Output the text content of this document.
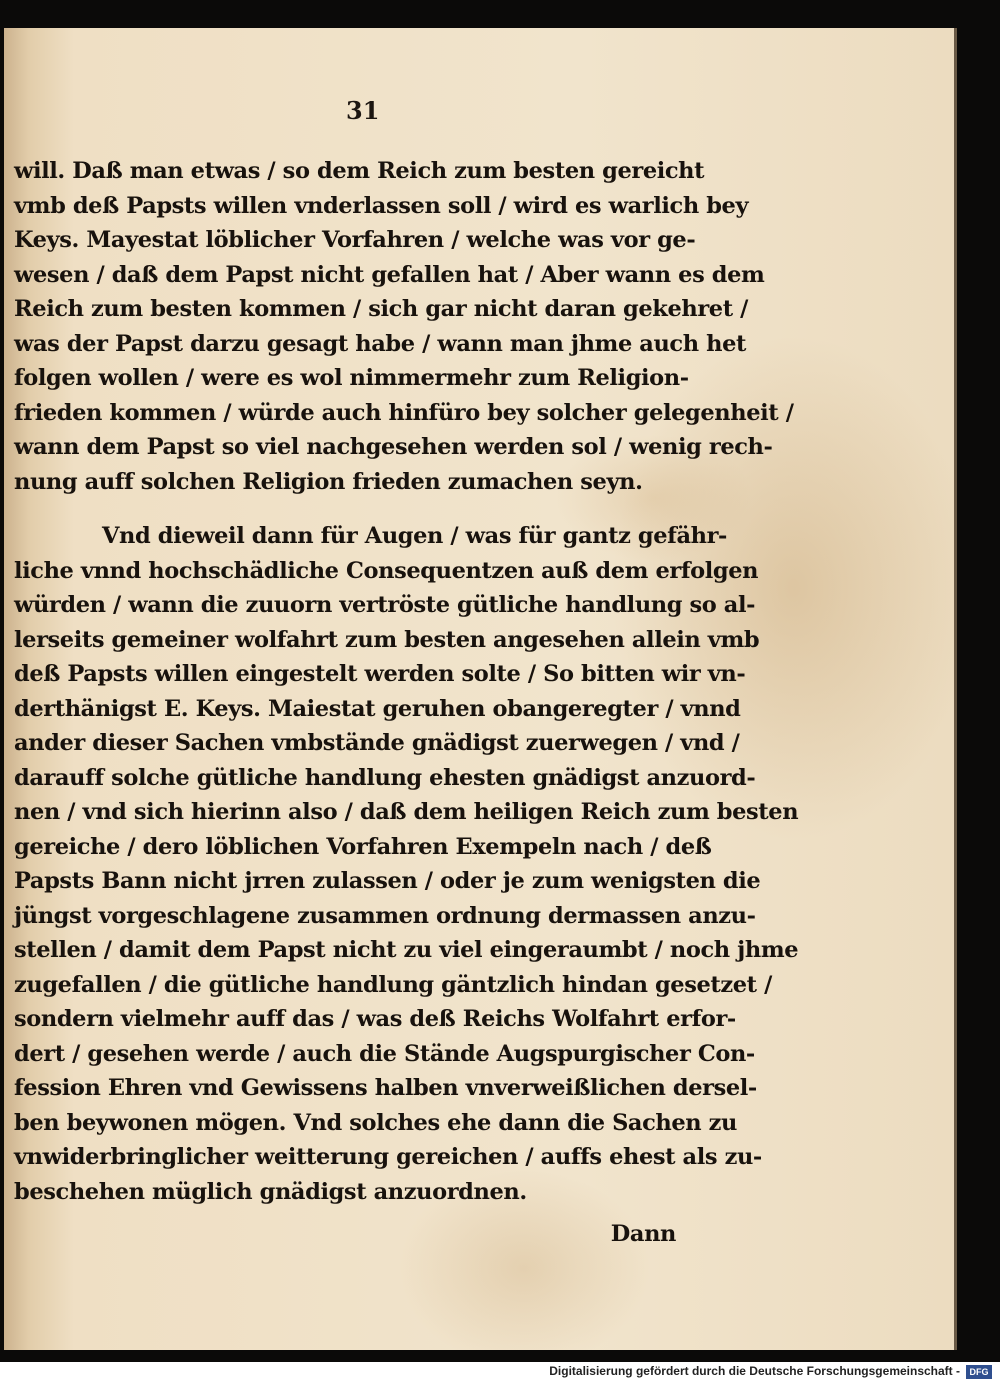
31
will. Daß man etwas / so dem Reich zum besten gereicht
vmb deß Papsts willen vnderlassen soll / wird es warlich bey
Keys. Mayestat löblicher Vorfahren / welche was vor ge-
wesen / daß dem Papst nicht gefallen hat / Aber wann es dem
Reich zum besten kommen / sich gar nicht daran gekehret /
was der Papst darzu gesagt habe / wann man jhme auch het
folgen wollen / were es wol nimmermehr zum Religion-
frieden kommen / würde auch hinfüro bey solcher gelegenheit /
wann dem Papst so viel nachgesehen werden sol / wenig rech-
nung auff solchen Religion frieden zumachen seyn.
Vnd dieweil dann für Augen / was für gantz gefähr-
liche vnnd hochschädliche Consequentzen auß dem erfolgen
würden / wann die zuuorn vertröste gütliche handlung so al-
lerseits gemeiner wolfahrt zum besten angesehen allein vmb
deß Papsts willen eingestelt werden solte / So bitten wir vn-
derthänigst E. Keys. Maiestat geruhen obangeregter / vnnd
ander dieser Sachen vmbstände gnädigst zuerwegen / vnd /
darauff solche gütliche handlung ehesten gnädigst anzuord-
nen / vnd sich hierinn also / daß dem heiligen Reich zum besten
gereiche / dero löblichen Vorfahren Exempeln nach / deß
Papsts Bann nicht jrren zulassen / oder je zum wenigsten die
jüngst vorgeschlagene zusammen ordnung dermassen anzu-
stellen / damit dem Papst nicht zu viel eingeraumbt / noch jhme
zugefallen / die gütliche handlung gäntzlich hindan gesetzet /
sondern vielmehr auff das / was deß Reichs Wolfahrt erfor-
dert / gesehen werde / auch die Stände Augspurgischer Con-
fession Ehren vnd Gewissens halben vnverweißlichen dersel-
ben beywonen mögen. Vnd solches ehe dann die Sachen zu
vnwiderbringlicher weitterung gereichen / auffs ehest als zu-
beschehen müglich gnädigst anzuordnen.
Dann
Digitalisierung gefördert durch die Deutsche Forschungsgemeinschaft -	DFG
